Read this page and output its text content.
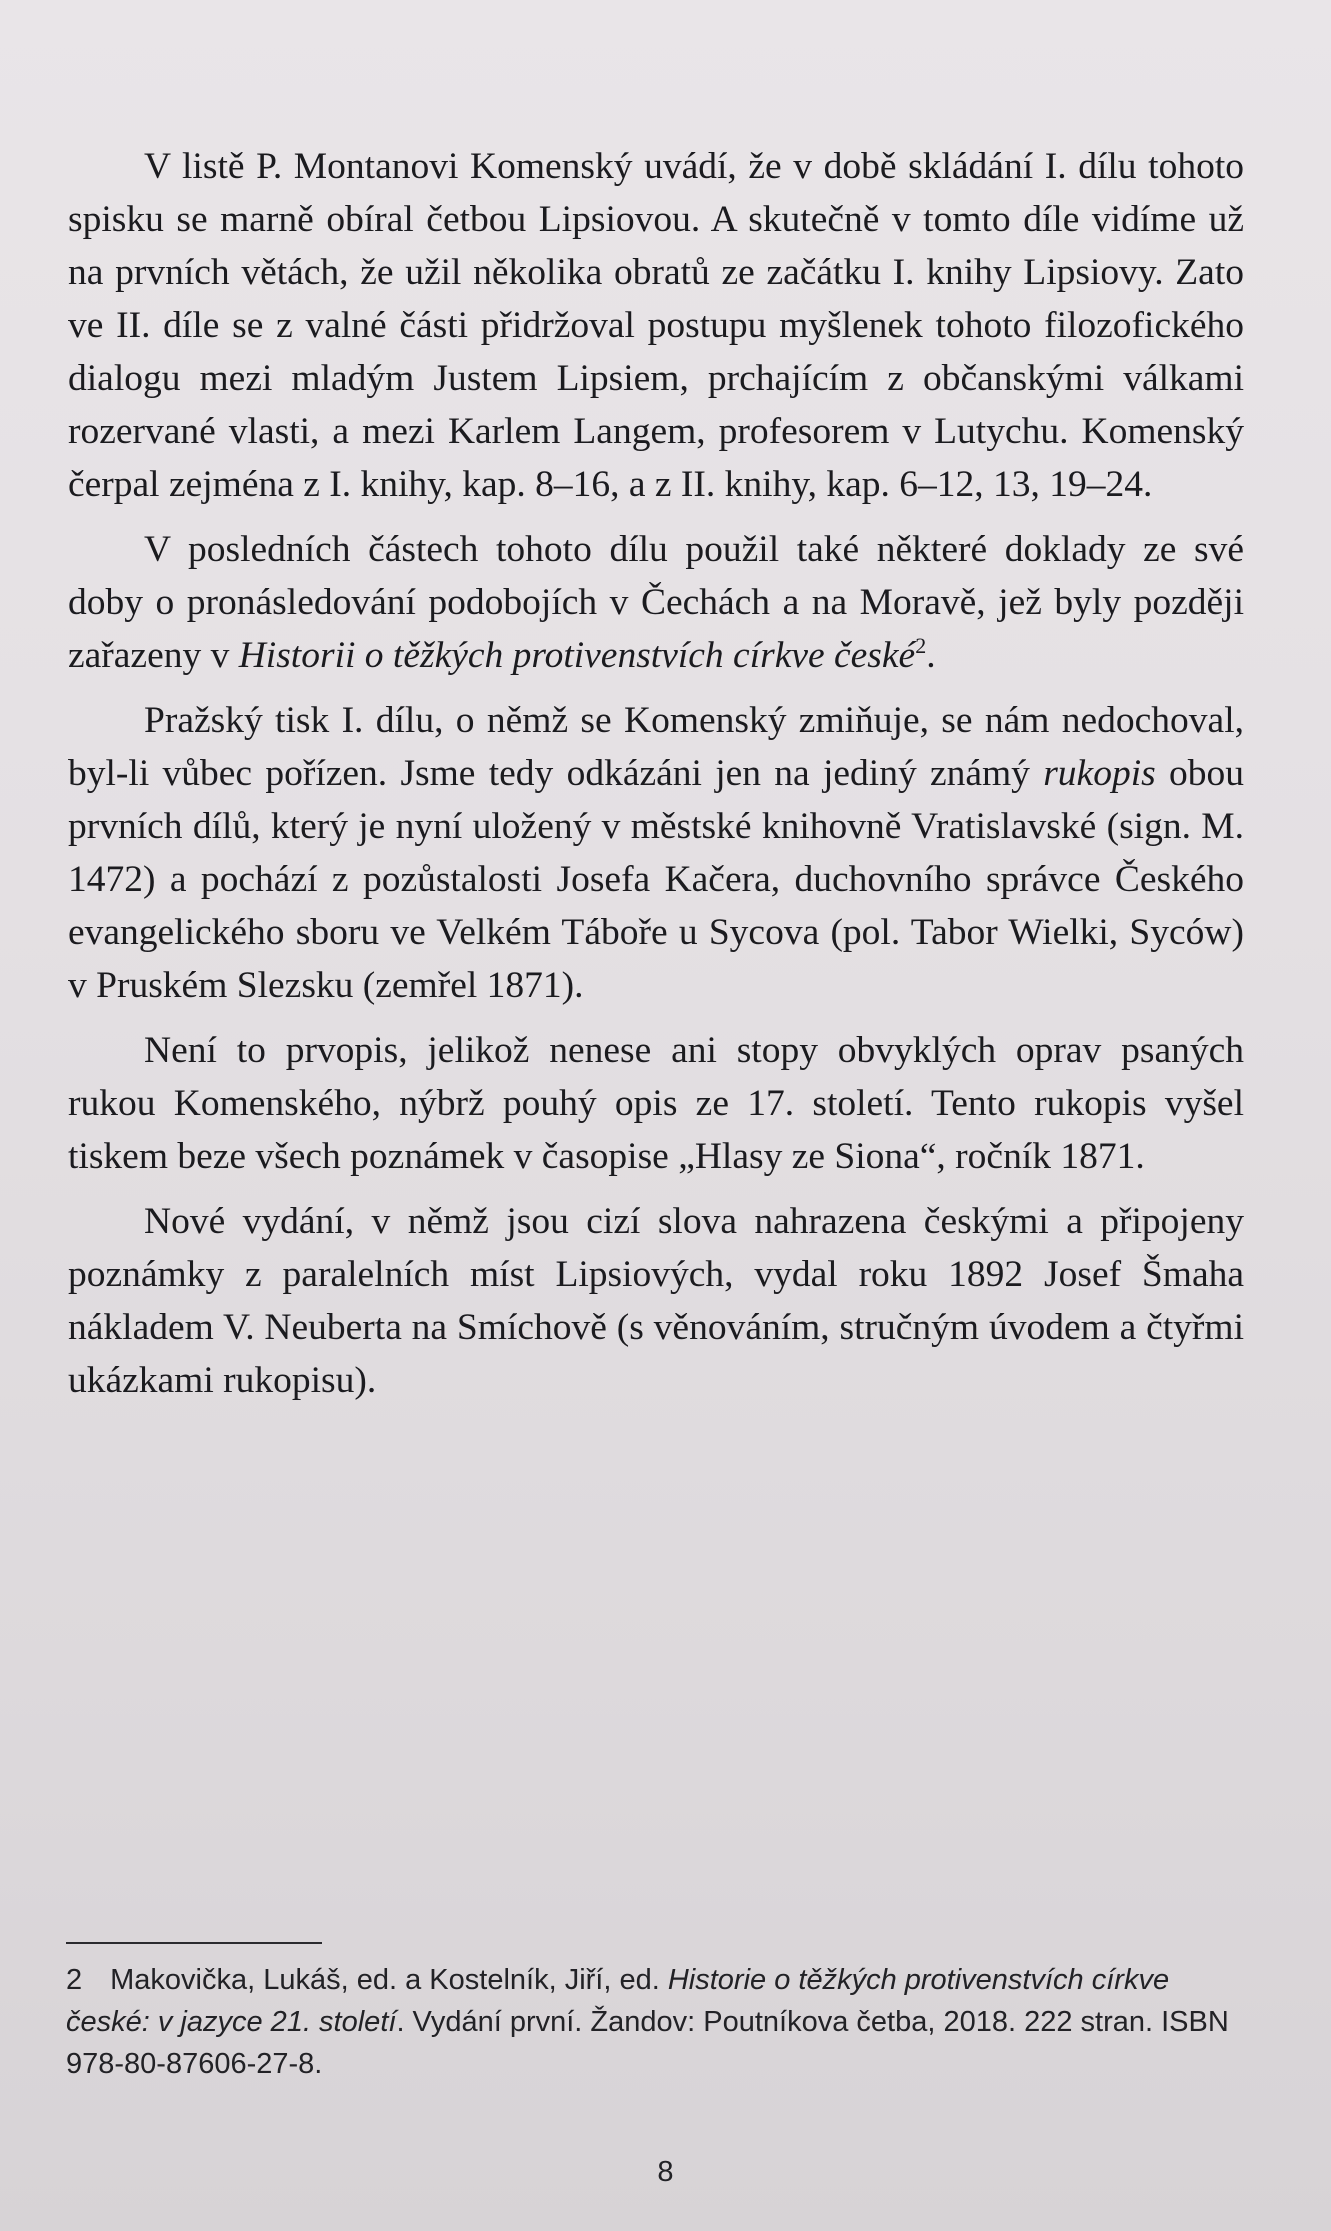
V listě P. Montanovi Komenský uvádí, že v době skládání I. dílu tohoto spisku se marně obíral četbou Lipsiovou. A skutečně v tomto díle vidíme už na prvních větách, že užil několika obratů ze začátku I. knihy Lipsiovy. Zato ve II. díle se z valné části přidržoval postupu myšlenek tohoto filozofického dialogu mezi mladým Justem Lipsiem, prchajícím z občanskými válkami rozervané vlasti, a mezi Karlem Langem, profesorem v Lutychu. Komenský čerpal zejména z I. knihy, kap. 8–16, a z II. knihy, kap. 6–12, 13, 19–24.

V posledních částech tohoto dílu použil také některé doklady ze své doby o pronásledování podobojích v Čechách a na Moravě, jež byly později zařazeny v Historii o těžkých protivenstvích církve české$^2$.

Pražský tisk I. dílu, o němž se Komenský zmiňuje, se nám nedochoval, byl-li vůbec pořízen. Jsme tedy odkázáni jen na jediný známý rukopis obou prvních dílů, který je nyní uložený v městské knihovně Vratislavské (sign. M. 1472) a pochází z pozůstalosti Josefa Kačera, duchovního správce Českého evangelického sboru ve Velkém Táboře u Sycova (pol. Tabor Wielki, Syców) v Pruském Slezsku (zemřel 1871).

Není to prvopis, jelikož nenese ani stopy obvyklých oprav psaných rukou Komenského, nýbrž pouhý opis ze 17. století. Tento rukopis vyšel tiskem beze všech poznámek v časopise „Hlasy ze Siona“, ročník 1871.

Nové vydání, v němž jsou cizí slova nahrazena českými a připojeny poznámky z paralelních míst Lipsiových, vydal roku 1892 Josef Šmaha nákladem V. Neuberta na Smíchově (s věnováním, stručným úvodem a čtyřmi ukázkami rukopisu).

2 Makovička, Lukáš, ed. a Kostelník, Jiří, ed. Historie o těžkých protivenstvích církve české: v jazyce 21. století. Vydání první. Žandov: Poutníkova četba, 2018. 222 stran. ISBN 978-80-87606-27-8.

8
